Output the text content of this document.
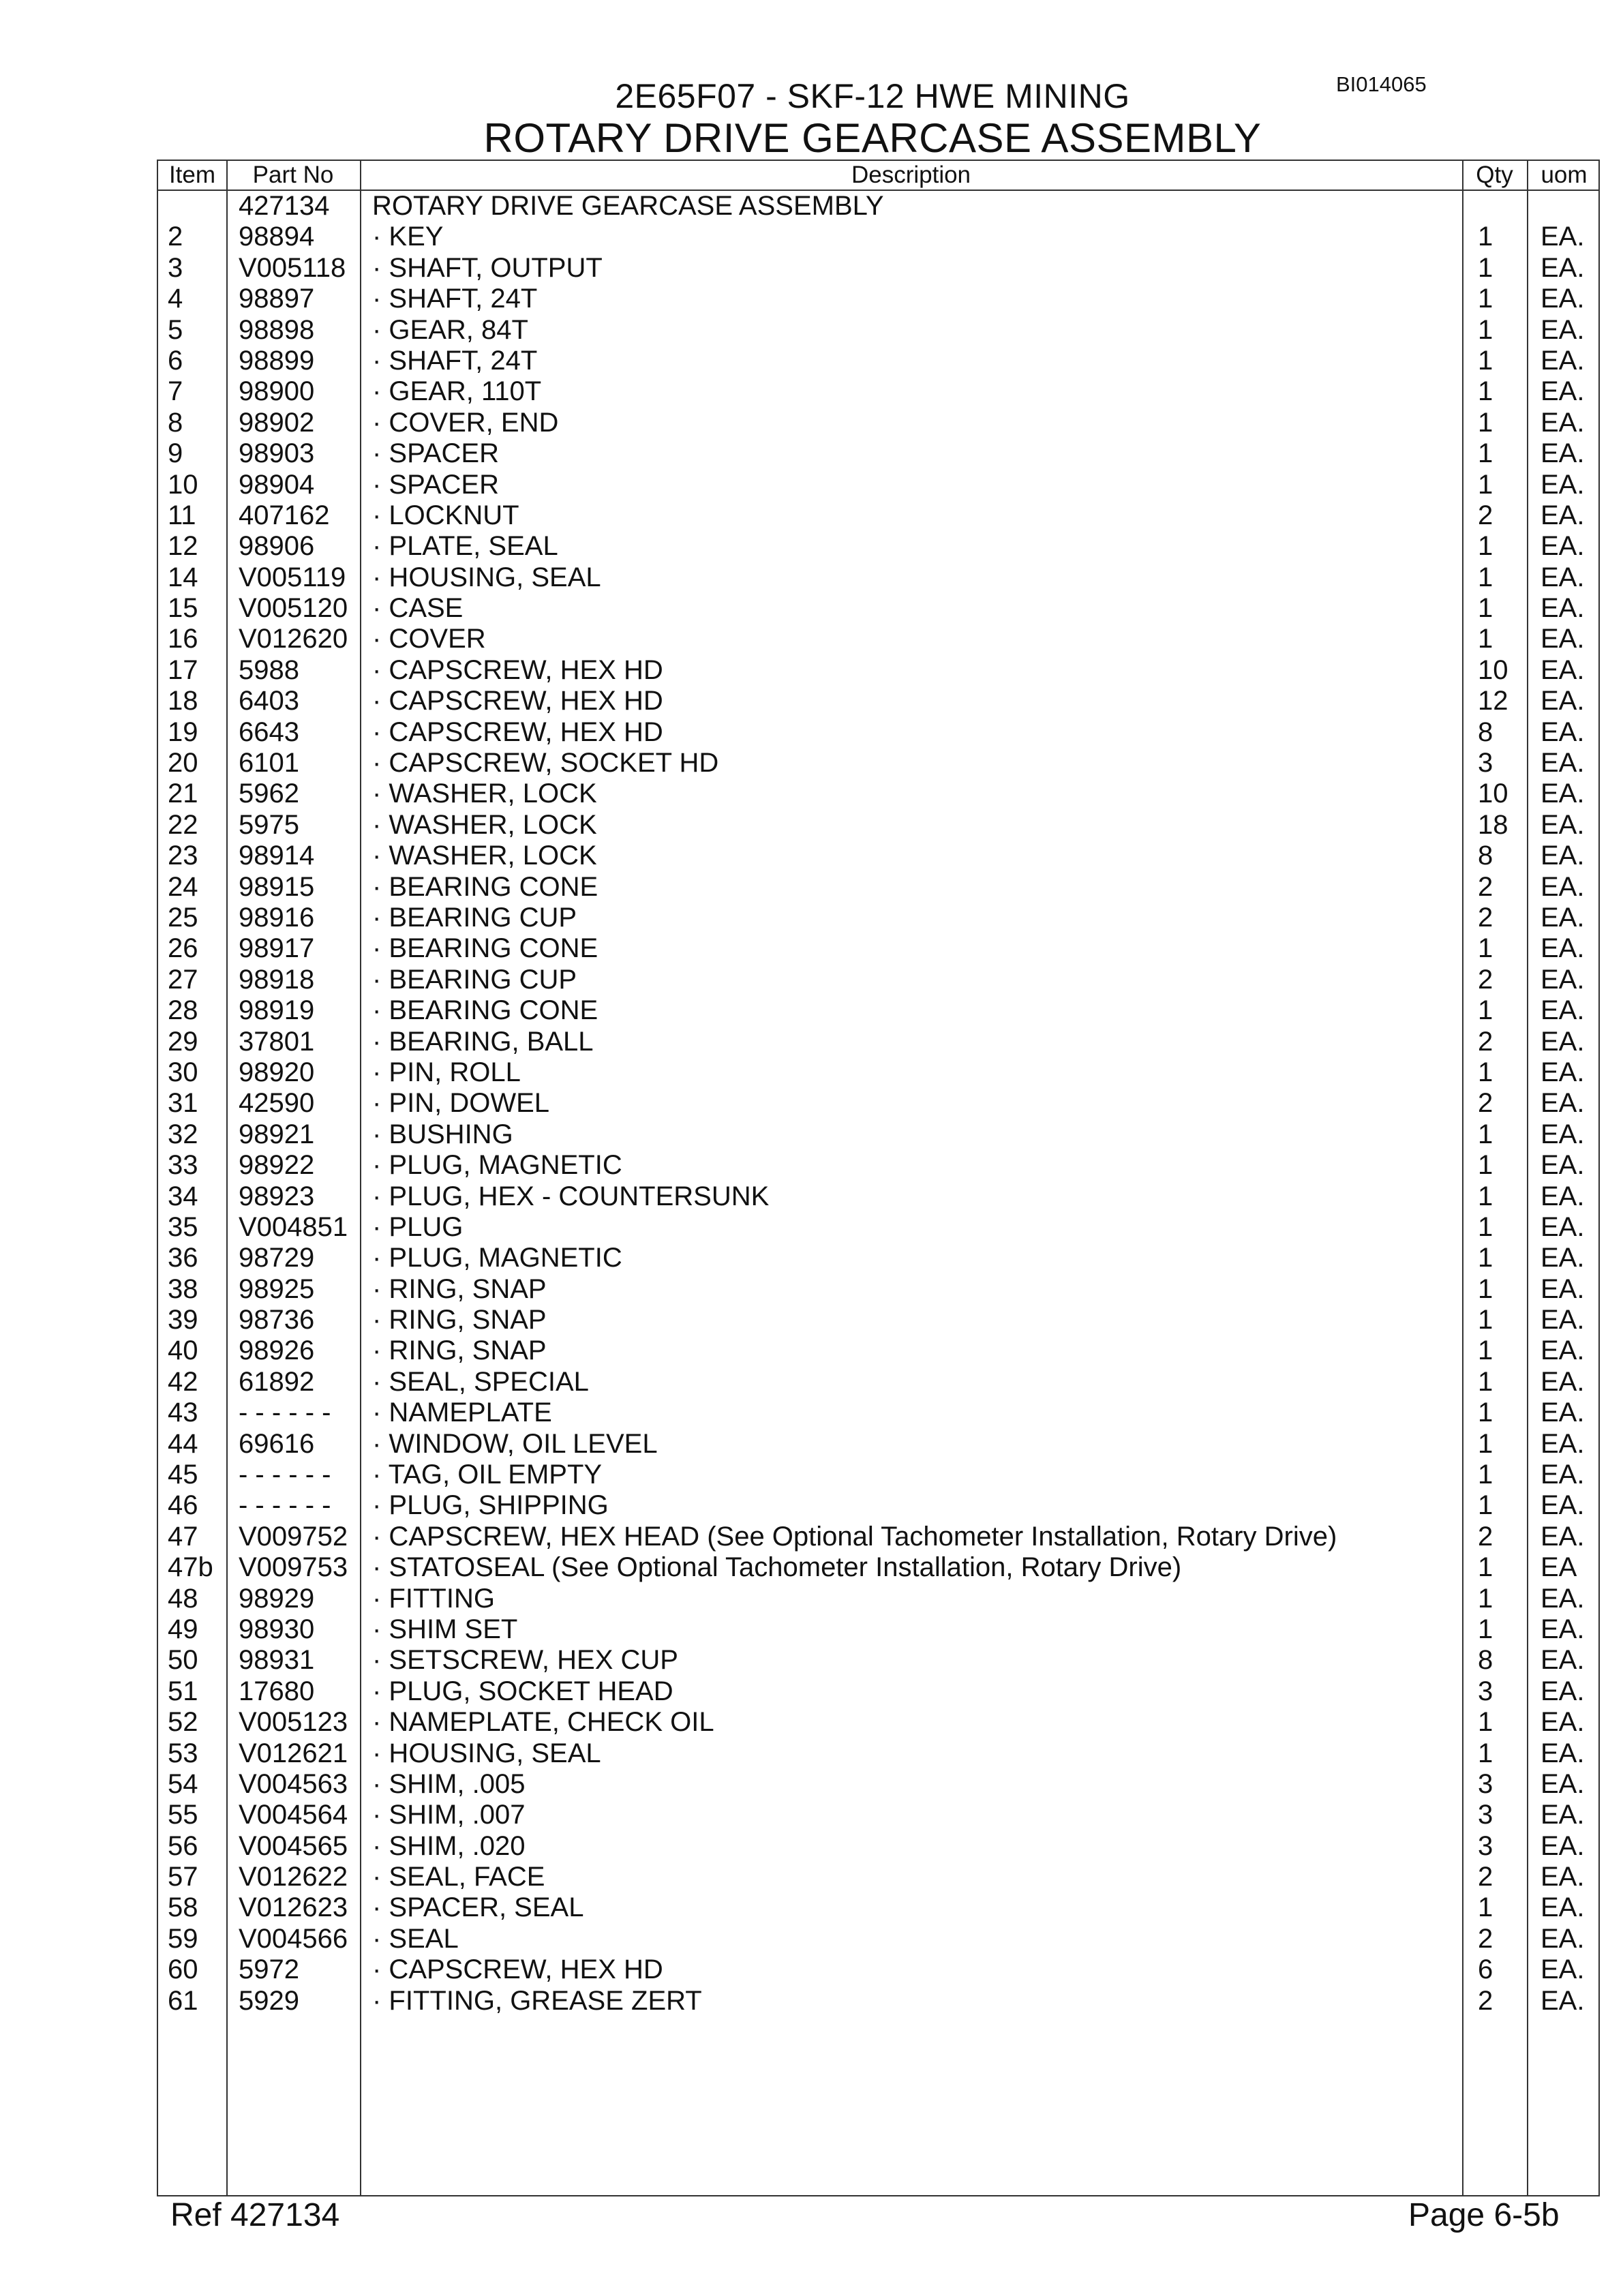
BI014065
2E65F07 - SKF-12 HWE MINING
ROTARY DRIVE GEARCASE ASSEMBLY
Item	Part No	Description	Qty	uom
427134 ROTARY DRIVE GEARCASE ASSEMBLY
2 98894 · KEY	1 EA.
3 V005118 · SHAFT, OUTPUT	1 EA.
4 98897 · SHAFT, 24T	1 EA.
5 98898 · GEAR, 84T	1 EA.
6 98899 · SHAFT, 24T	1 EA.
7 98900 · GEAR, 110T	1 EA.
8 98902 · COVER, END	1 EA.
9 98903 · SPACER	1 EA.
10 98904 · SPACER	1 EA.
11 407162 · LOCKNUT	2 EA.
12 98906 · PLATE, SEAL	1 EA.
14 V005119 · HOUSING, SEAL	1 EA.
15 V005120 · CASE	1 EA.
16 V012620 · COVER	1 EA.
17 5988	· CAPSCREW, HEX HD	10 EA.
18 6403	· CAPSCREW, HEX HD	12 EA.
19 6643	· CAPSCREW, HEX HD	8 EA.
20 6101	· CAPSCREW, SOCKET HD	3 EA.
21 5962	· WASHER, LOCK	10 EA.
22 5975	· WASHER, LOCK	18 EA.
23 98914 · WASHER, LOCK	8 EA.
24 98915 · BEARING CONE	2 EA.
25 98916 · BEARING CUP	2 EA.
26 98917 · BEARING CONE	1 EA.
27 98918 · BEARING CUP	2 EA.
28 98919 · BEARING CONE	1 EA.
29 37801 · BEARING, BALL	2 EA.
30 98920 · PIN, ROLL	1 EA.
31 42590 · PIN, DOWEL	2 EA.
32 98921 · BUSHING	1 EA.
33 98922 · PLUG, MAGNETIC	1 EA.
34 98923 · PLUG, HEX - COUNTERSUNK	1 EA.
35 V004851 · PLUG	1 EA.
36 98729 · PLUG, MAGNETIC	1 EA.
38 98925 · RING, SNAP	1 EA.
39 98736 · RING, SNAP	1 EA.
40 98926 · RING, SNAP	1 EA.
42 61892 · SEAL, SPECIAL	1 EA.
43 - - - - - - · NAMEPLATE	1 EA.
44 69616 · WINDOW, OIL LEVEL	1 EA.
45 - - - - - - · TAG, OIL EMPTY	1 EA.
46 - - - - - - · PLUG, SHIPPING	1 EA.
47 V009752 · CAPSCREW, HEX HEAD (See Optional Tachometer Installation, Rotary Drive)	2 EA.
47b V009753 · STATOSEAL (See Optional Tachometer Installation, Rotary Drive)	1 EA
48 98929 · FITTING	1 EA.
49 98930 · SHIM SET	1 EA.
50 98931 · SETSCREW, HEX CUP	8 EA.
51 17680 · PLUG, SOCKET HEAD	3 EA.
52 V005123 · NAMEPLATE, CHECK OIL	1 EA.
53 V012621 · HOUSING, SEAL	1 EA.
54 V004563 · SHIM, .005	3 EA.
55 V004564 · SHIM, .007	3 EA.
56 V004565 · SHIM, .020	3 EA.
57 V012622 · SEAL, FACE	2 EA.
58 V012623 · SPACER, SEAL	1 EA.
59 V004566 · SEAL	2 EA.
60 5972	· CAPSCREW, HEX HD	6 EA.
61 5929	· FITTING, GREASE ZERT	2 EA.
Ref 427134	Page 6-5b
